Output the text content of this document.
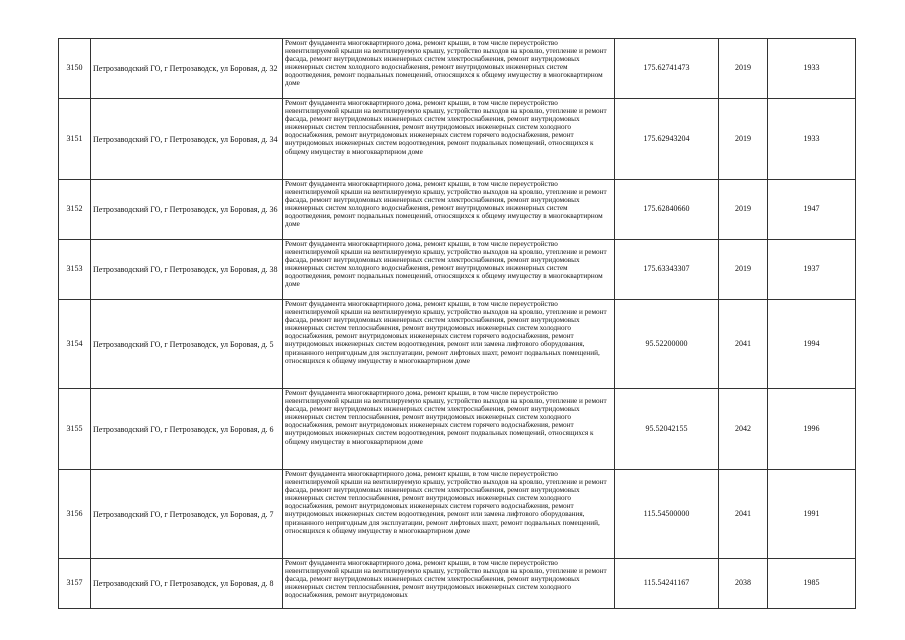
3150	Петрозаводский ГО, г Петрозаводск, ул Боровая, д. 32	Ремонт фундамента многоквартирного дома, ремонт крыши, в том числе переустройство невентилируемой крыши на вентилируемую крышу, устройство выходов на кровлю, утепление и ремонт фасада, ремонт внутридомовых инженерных систем электроснабжения, ремонт внутридомовых инженерных систем холодного водоснабжения, ремонт внутридомовых инженерных систем водоотведения, ремонт подвальных помещений, относящихся к общему имуществу в многоквартирном доме	175.62741473	2019	1933
3151	Петрозаводский ГО, г Петрозаводск, ул Боровая, д. 34	Ремонт фундамента многоквартирного дома, ремонт крыши, в том числе переустройство невентилируемой крыши на вентилируемую крышу, устройство выходов на кровлю, утепление и ремонт фасада, ремонт внутридомовых инженерных систем электроснабжения, ремонт внутридомовых инженерных систем теплоснабжения, ремонт внутридомовых инженерных систем холодного водоснабжения, ремонт внутридомовых инженерных систем горячего водоснабжения, ремонт внутридомовых инженерных систем водоотведения, ремонт подвальных помещений, относящихся к общему имуществу в многоквартирном доме	175.62943204	2019	1933
3152	Петрозаводский ГО, г Петрозаводск, ул Боровая, д. 36	Ремонт фундамента многоквартирного дома, ремонт крыши, в том числе переустройство невентилируемой крыши на вентилируемую крышу, устройство выходов на кровлю, утепление и ремонт фасада, ремонт внутридомовых инженерных систем электроснабжения, ремонт внутридомовых инженерных систем холодного водоснабжения, ремонт внутридомовых инженерных систем водоотведения, ремонт подвальных помещений, относящихся к общему имуществу в многоквартирном доме	175.62840660	2019	1947
3153	Петрозаводский ГО, г Петрозаводск, ул Боровая, д. 38	Ремонт фундамента многоквартирного дома, ремонт крыши, в том числе переустройство невентилируемой крыши на вентилируемую крышу, устройство выходов на кровлю, утепление и ремонт фасада, ремонт внутридомовых инженерных систем электроснабжения, ремонт внутридомовых инженерных систем холодного водоснабжения, ремонт внутридомовых инженерных систем водоотведения, ремонт подвальных помещений, относящихся к общему имуществу в многоквартирном доме	175.63343307	2019	1937
3154	Петрозаводский ГО, г Петрозаводск, ул Боровая, д. 5	Ремонт фундамента многоквартирного дома, ремонт крыши, в том числе переустройство невентилируемой крыши на вентилируемую крышу, устройство выходов на кровлю, утепление и ремонт фасада, ремонт внутридомовых инженерных систем электроснабжения, ремонт внутридомовых инженерных систем теплоснабжения, ремонт внутридомовых инженерных систем холодного водоснабжения, ремонт внутридомовых инженерных систем горячего водоснабжения, ремонт внутридомовых инженерных систем водоотведения, ремонт или замена лифтового оборудования, признанного непригодным для эксплуатации, ремонт лифтовых шахт, ремонт подвальных помещений, относящихся к общему имуществу в многоквартирном доме	95.52200000	2041	1994
3155	Петрозаводский ГО, г Петрозаводск, ул Боровая, д. 6	Ремонт фундамента многоквартирного дома, ремонт крыши, в том числе переустройство невентилируемой крыши на вентилируемую крышу, устройство выходов на кровлю, утепление и ремонт фасада, ремонт внутридомовых инженерных систем электроснабжения, ремонт внутридомовых инженерных систем теплоснабжения, ремонт внутридомовых инженерных систем холодного водоснабжения, ремонт внутридомовых инженерных систем горячего водоснабжения, ремонт внутридомовых инженерных систем водоотведения, ремонт подвальных помещений, относящихся к общему имуществу в многоквартирном доме	95.52042155	2042	1996
3156	Петрозаводский ГО, г Петрозаводск, ул Боровая, д. 7	Ремонт фундамента многоквартирного дома, ремонт крыши, в том числе переустройство невентилируемой крыши на вентилируемую крышу, устройство выходов на кровлю, утепление и ремонт фасада, ремонт внутридомовых инженерных систем электроснабжения, ремонт внутридомовых инженерных систем теплоснабжения, ремонт внутридомовых инженерных систем холодного водоснабжения, ремонт внутридомовых инженерных систем горячего водоснабжения, ремонт внутридомовых инженерных систем водоотведения, ремонт или замена лифтового оборудования, признанного непригодным для эксплуатации, ремонт лифтовых шахт, ремонт подвальных помещений, относящихся к общему имуществу в многоквартирном доме	115.54500000	2041	1991
3157	Петрозаводский ГО, г Петрозаводск, ул Боровая, д. 8	Ремонт фундамента многоквартирного дома, ремонт крыши, в том числе переустройство невентилируемой крыши на вентилируемую крышу, устройство выходов на кровлю, утепление и ремонт фасада, ремонт внутридомовых инженерных систем электроснабжения, ремонт внутридомовых инженерных систем теплоснабжения, ремонт внутридомовых инженерных систем холодного водоснабжения, ремонт внутридомовых	115.54241167	2038	1985
